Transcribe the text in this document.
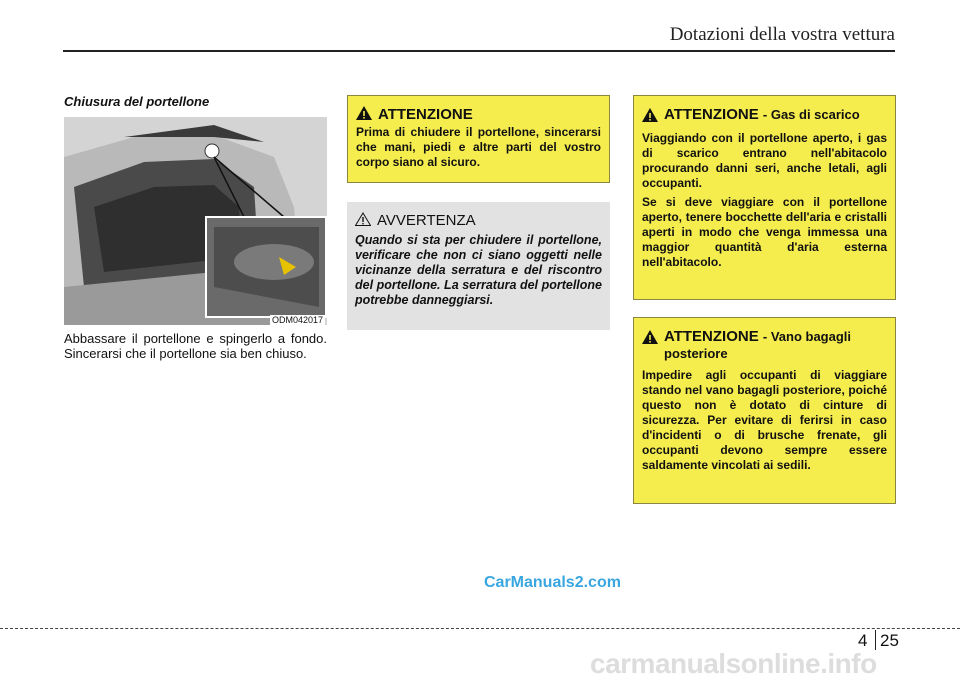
Dotazioni della vostra vettura
Chiusura del portellone
ODM042017
Abbassare il portellone e spingerlo a fondo. Sincerarsi che il portellone sia ben chiuso.
ATTENZIONE
Prima di chiudere il portellone, sincerarsi che mani, piedi e altre parti del vostro corpo siano al sicuro.
AVVERTENZA
Quando si sta per chiudere il portellone, verificare che non ci siano oggetti nelle vicinanze della serratura e del riscontro del portellone. La serratura del portellone potrebbe danneggiarsi.
ATTENZIONE - Gas di scarico

Viaggiando con il portellone aperto, i gas di scarico entrano nell'abitacolo procurando danni seri, anche letali, agli occupanti.

Se si deve viaggiare con il portellone aperto, tenere bocchette dell'aria e cristalli aperti in modo che venga immessa una maggior quantità d'aria esterna nell'abitacolo.

ATTENZIONE - Vano bagagli posteriore
Impedire agli occupanti di viaggiare stando nel vano bagagli posteriore, poiché questo non è dotato di cinture di sicurezza. Per evitare di ferirsi in caso d'incidenti o di brusche frenate, gli occupanti devono sempre essere saldamente vincolati ai sedili.
CarManuals2.com
4 25
carmanualsonline.info
